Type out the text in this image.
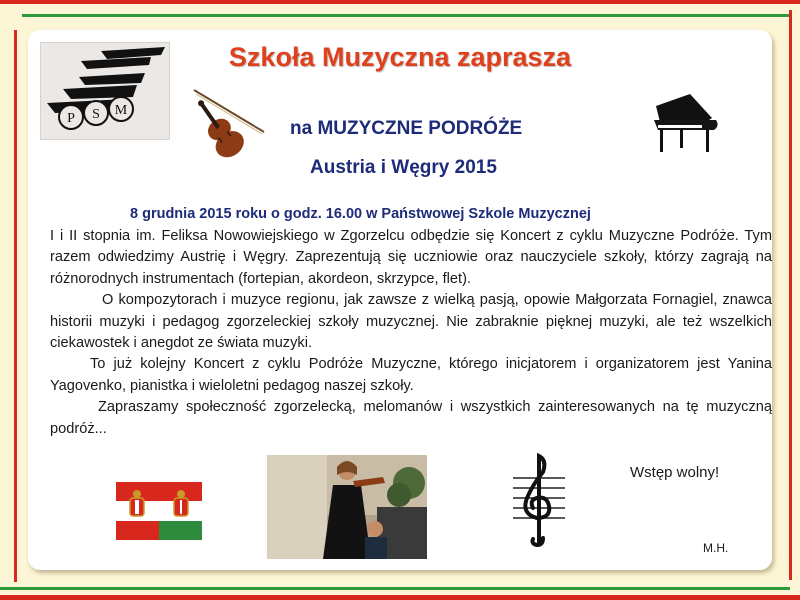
P S M
Szkoła Muzyczna zaprasza
na MUZYCZNE PODRÓŻE
Austria i Węgry 2015
8 grudnia 2015 roku o godz. 16.00 w Państwowej Szkole Muzycznej

I i II stopnia im. Feliksa Nowowiejskiego w Zgorzelcu odbędzie się Koncert z cyklu Muzyczne Podróże. Tym razem odwiedzimy Austrię i Węgry. Zaprezentują się uczniowie oraz nauczyciele szkoły, którzy zagrają na różnorodnych instrumentach (fortepian, akordeon, skrzypce, flet).

O kompozytorach i muzyce regionu, jak zawsze z wielką pasją, opowie Małgorzata Fornagiel, znawca historii muzyki i pedagog zgorzeleckiej szkoły muzycznej. Nie zabraknie pięknej muzyki, ale też wszelkich ciekawostek i anegdot ze świata muzyki.

To już kolejny Koncert z cyklu Podróże Muzyczne, którego inicjatorem i organizatorem jest Yanina Yagovenko, pianistka i wieloletni pedagog naszej szkoły.

Zapraszamy społeczność zgorzelecką, melomanów i wszystkich zainteresowanych na tę muzyczną podróż...

Wstęp wolny!
M.H.
